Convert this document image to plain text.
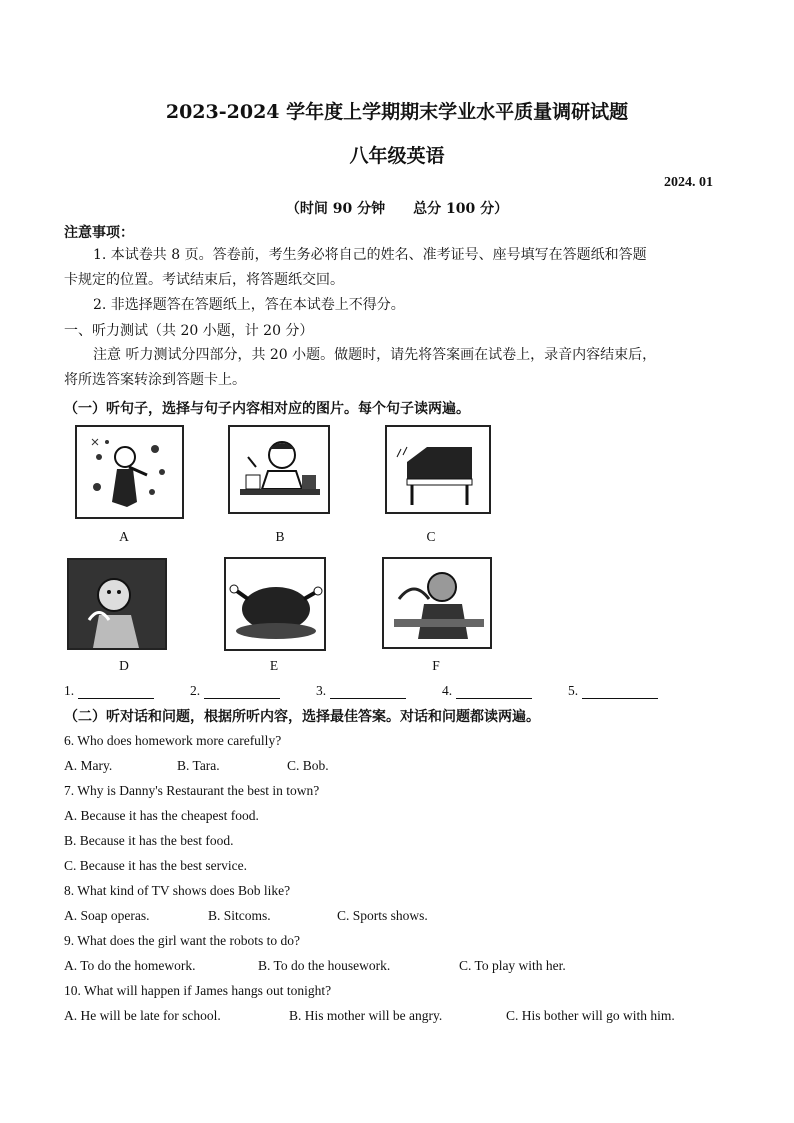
2023-2024 学年度上学期期末学业水平质量调研试题
八年级英语
2024. 01
（时间 90 分钟　　总分 100 分）
注意事项：
1. 本试卷共 8 页。答卷前，考生务必将自己的姓名、准考证号、座号填写在答题纸和答题
卡规定的位置。考试结束后，将答题纸交回。
2. 非选择题答在答题纸上，答在本试卷上不得分。
一、听力测试（共 20 小题，计 20 分）
注意 听力测试分四部分，共 20 小题。做题时，请先将答案画在试卷上，录音内容结束后，
将所选答案转涂到答题卡上。
（一）听句子，选择与句子内容相对应的图片。每个句子读两遍。
A	B	C
D	E	F
1.	2.	3.	4.	5.
（二）听对话和问题，根据所听内容，选择最佳答案。对话和问题都读两遍。
6. Who does homework more carefully?
A. Mary.	B. Tara.	C. Bob.
7. Why is Danny's Restaurant the best in town?
A. Because it has the cheapest food.
B. Because it has the best food.
C. Because it has the best service.
8. What kind of TV shows does Bob like?
A. Soap operas.	B. Sitcoms.	C. Sports shows.
9. What does the girl want the robots to do?
A. To do the homework.	B. To do the housework.	C. To play with her.
10. What will happen if James hangs out tonight?
A. He will be late for school.	B. His mother will be angry.	C. His bother will go with him.
